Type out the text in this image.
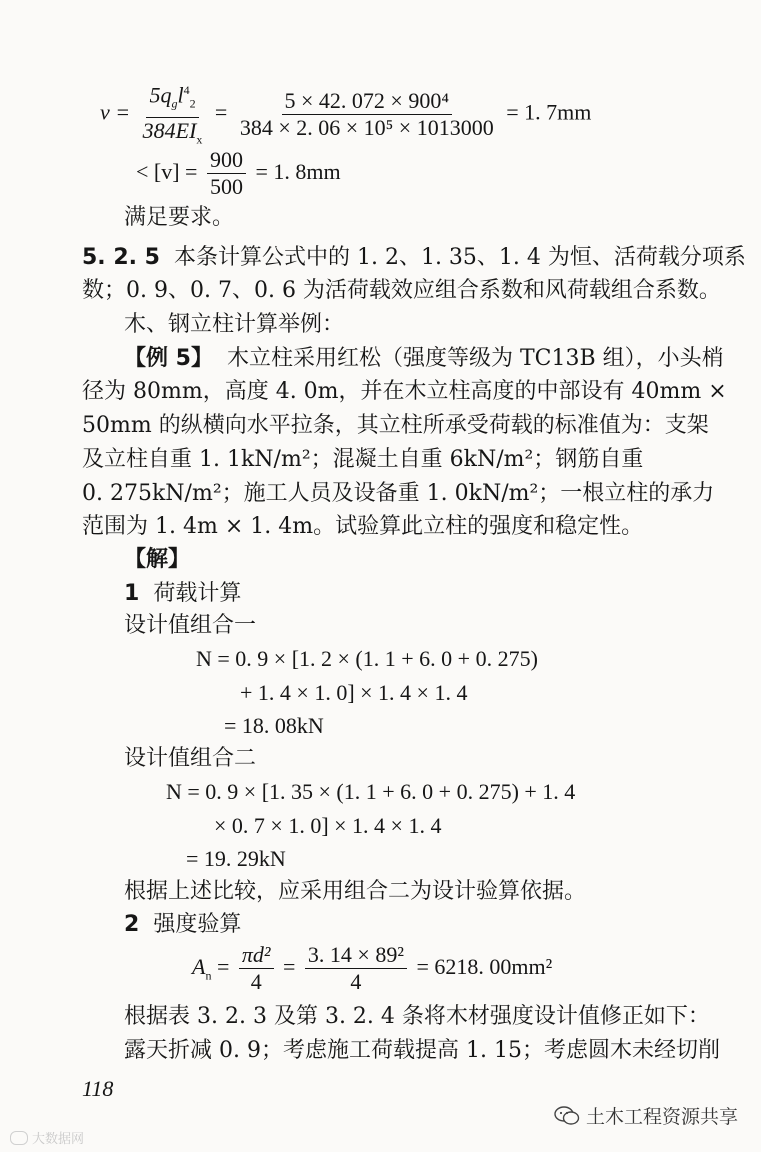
$v = \frac{5q_gl^4_2}{384EI_x} = \frac{\text{5 × 42. 072 × 900⁴}}{\text{384 × 2. 06 × 10⁵ × 1013000}} = 1$. 7mm
< $[v] = \frac{900}{500} = 1$. 8mm
满足要求。
5. 2. 5 本条计算公式中的 1. 2、1. 35、1. 4 为恒、活荷载分项系
数；0. 9、0. 7、0. 6 为活荷载效应组合系数和风荷载组合系数。
木、钢立柱计算举例：
【例 5】 木立柱采用红松（强度等级为 TC13B 组），小头梢
径为 80mm，高度 4. 0m，并在木立柱高度的中部设有 40mm ×
50mm 的纵横向水平拉条，其立柱所承受荷载的标准值为：支架
及立柱自重 1. 1kN/m²；混凝土自重 6kN/m²；钢筋自重
0. 275kN/m²；施工人员及设备重 1. 0kN/m²；一根立柱的承力
范围为 1. 4m × 1. 4m。试验算此立柱的强度和稳定性。
【解】
1 荷载计算
设计值组合一
N = 0. 9 × [1. 2 × (1. 1 + 6. 0 + 0. 275)
+ 1. 4 × 1. 0] × 1. 4 × 1. 4
= 18. 08kN
设计值组合二
N = 0. 9 × [1. 35 × (1. 1 + 6. 0 + 0. 275) + 1. 4
× 0. 7 × 1. 0] × 1. 4 × 1. 4
= 19. 29kN
根据上述比较，应采用组合二为设计验算依据。
2 强度验算
$A_n = \frac{\text{πd²}}{4} = \frac{\text{3. 14 × 89²}}{4} = 6218$. 00mm²
根据表 3. 2. 3 及第 3. 2. 4 条将木材强度设计值修正如下：
露天折减 0. 9；考虑施工荷载提高 1. 15；考虑圆木未经切削
118
土木工程资源共享
大数据网
